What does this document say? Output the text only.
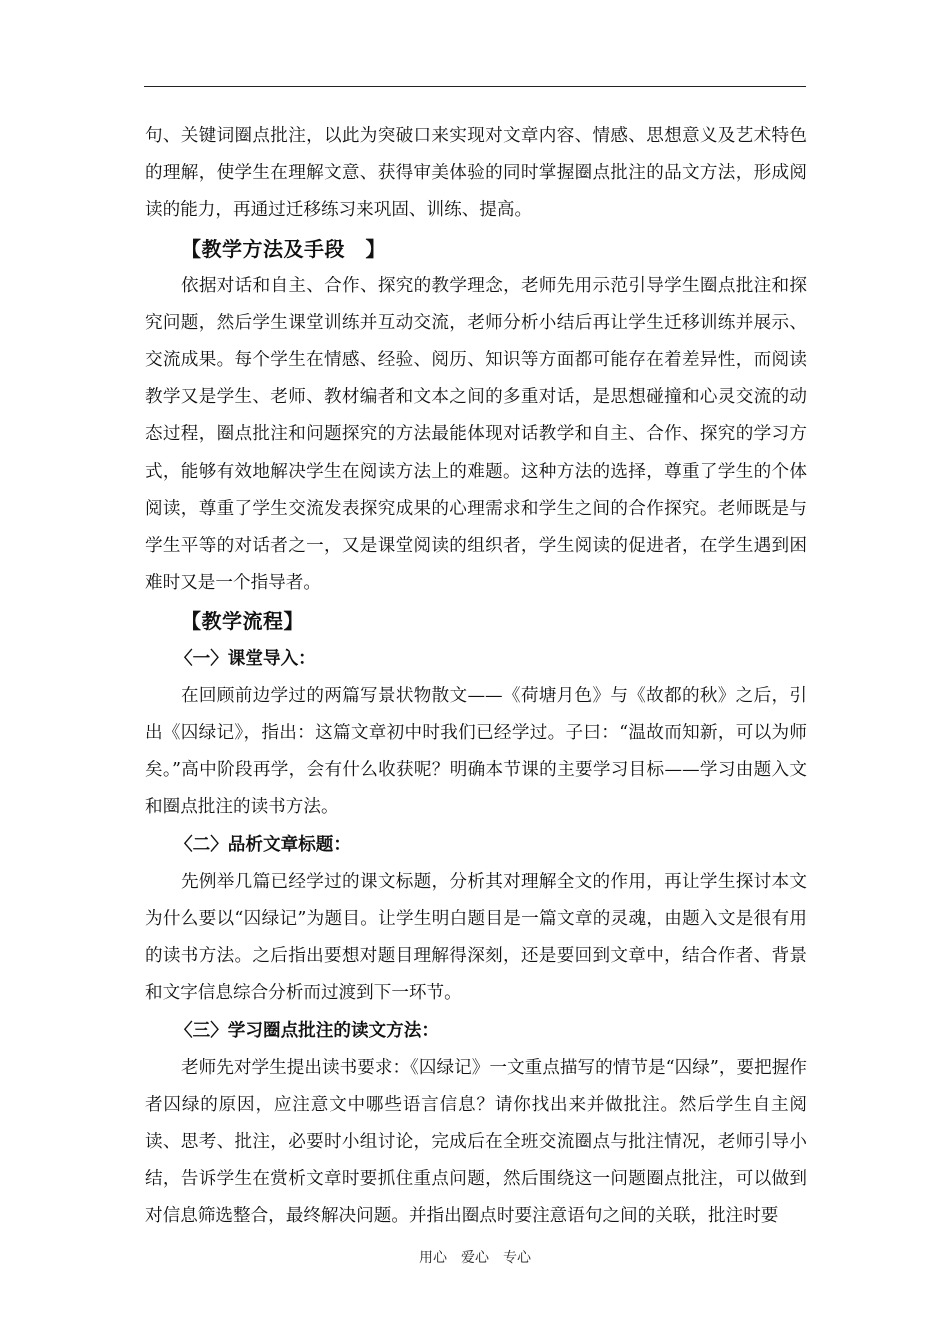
句、关键词圈点批注，以此为突破口来实现对文章内容、情感、思想意义及艺术特色的理解，使学生在理解文意、获得审美体验的同时掌握圈点批注的品文方法，形成阅读的能力，再通过迁移练习来巩固、训练、提高。

【教学方法及手段　】

依据对话和自主、合作、探究的教学理念，老师先用示范引导学生圈点批注和探究问题，然后学生课堂训练并互动交流，老师分析小结后再让学生迁移训练并展示、交流成果。每个学生在情感、经验、阅历、知识等方面都可能存在着差异性，而阅读教学又是学生、老师、教材编者和文本之间的多重对话，是思想碰撞和心灵交流的动态过程，圈点批注和问题探究的方法最能体现对话教学和自主、合作、探究的学习方式，能够有效地解决学生在阅读方法上的难题。这种方法的选择，尊重了学生的个体阅读，尊重了学生交流发表探究成果的心理需求和学生之间的合作探究。老师既是与学生平等的对话者之一，又是课堂阅读的组织者，学生阅读的促进者，在学生遇到困难时又是一个指导者。

【教学流程】
〈一〉课堂导入：

在回顾前边学过的两篇写景状物散文——《荷塘月色》与《故都的秋》之后，引出《囚绿记》，指出：这篇文章初中时我们已经学过。子曰：“温故而知新，可以为师矣。”高中阶段再学，会有什么收获呢？明确本节课的主要学习目标——学习由题入文和圈点批注的读书方法。

〈二〉品析文章标题：

先例举几篇已经学过的课文标题，分析其对理解全文的作用，再让学生探讨本文为什么要以“囚绿记”为题目。让学生明白题目是一篇文章的灵魂，由题入文是很有用的读书方法。之后指出要想对题目理解得深刻，还是要回到文章中，结合作者、背景和文字信息综合分析而过渡到下一环节。

〈三〉学习圈点批注的读文方法：

老师先对学生提出读书要求：《囚绿记》一文重点描写的情节是“囚绿”，要把握作者囚绿的原因，应注意文中哪些语言信息？请你找出来并做批注。然后学生自主阅读、思考、批注，必要时小组讨论，完成后在全班交流圈点与批注情况，老师引导小结，告诉学生在赏析文章时要抓住重点问题，然后围绕这一问题圈点批注，可以做到对信息筛选整合，最终解决问题。并指出圈点时要注意语句之间的关联，批注时要

用心　爱心　专心
